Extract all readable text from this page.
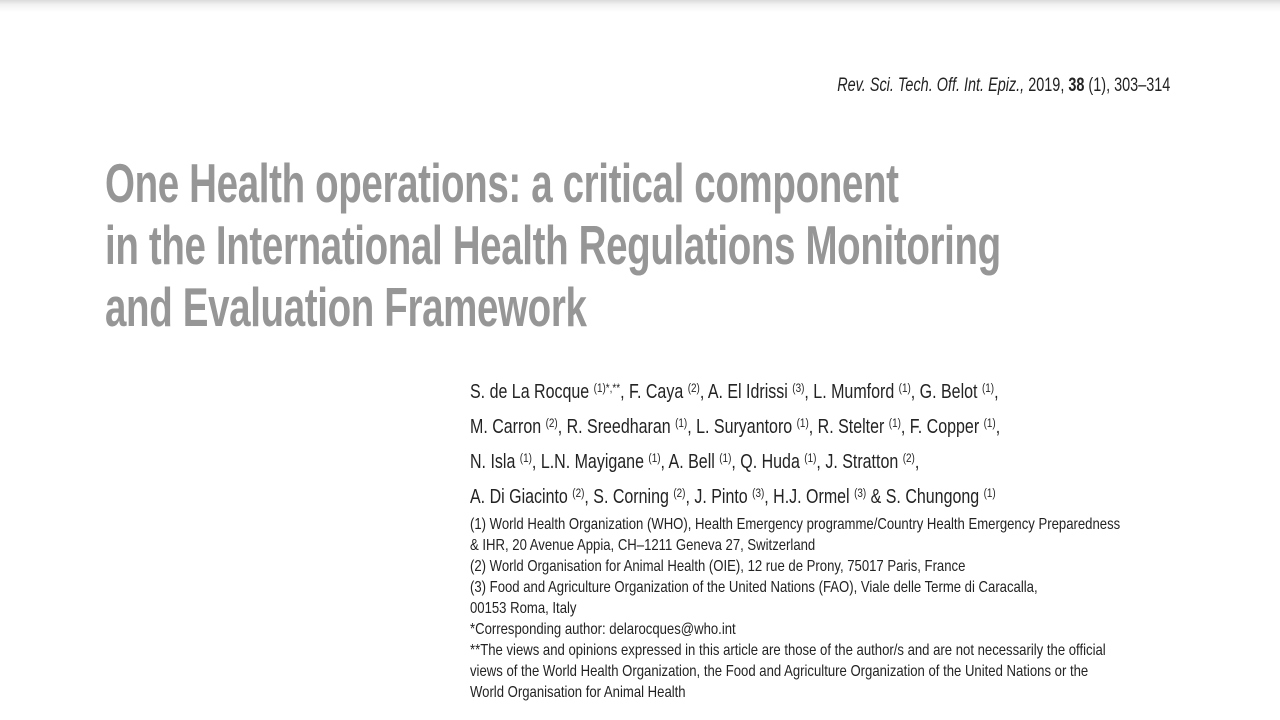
Rev. Sci. Tech. Off. Int. Epiz., 2019, 38 (1), 303–314
One Health operations: a critical component
in the International Health Regulations Monitoring
and Evaluation Framework
S. de La Rocque $^{(1)*,**}$, F. Caya $^{(2)}$, A. El Idrissi $^{(3)}$, L. Mumford $^{(1)}$, G. Belot $^{(1)}$,
M. Carron $^{(2)}$, R. Sreedharan $^{(1)}$, L. Suryantoro $^{(1)}$, R. Stelter $^{(1)}$, F. Copper $^{(1)}$,
N. Isla $^{(1)}$, L.N. Mayigane $^{(1)}$, A. Bell $^{(1)}$, Q. Huda $^{(1)}$, J. Stratton $^{(2)}$,
A. Di Giacinto $^{(2)}$, S. Corning $^{(2)}$, J. Pinto $^{(3)}$, H.J. Ormel $^{(3)}$ & S. Chungong $^{(1)}$
(1) World Health Organization (WHO), Health Emergency programme/Country Health Emergency Preparedness
& IHR, 20 Avenue Appia, CH–1211 Geneva 27, Switzerland
(2) World Organisation for Animal Health (OIE), 12 rue de Prony, 75017 Paris, France
(3) Food and Agriculture Organization of the United Nations (FAO), Viale delle Terme di Caracalla,
00153 Roma, Italy
*Corresponding author: delarocques@who.int
**The views and opinions expressed in this article are those of the author/s and are not necessarily the official
views of the World Health Organization, the Food and Agriculture Organization of the United Nations or the
World Organisation for Animal Health
